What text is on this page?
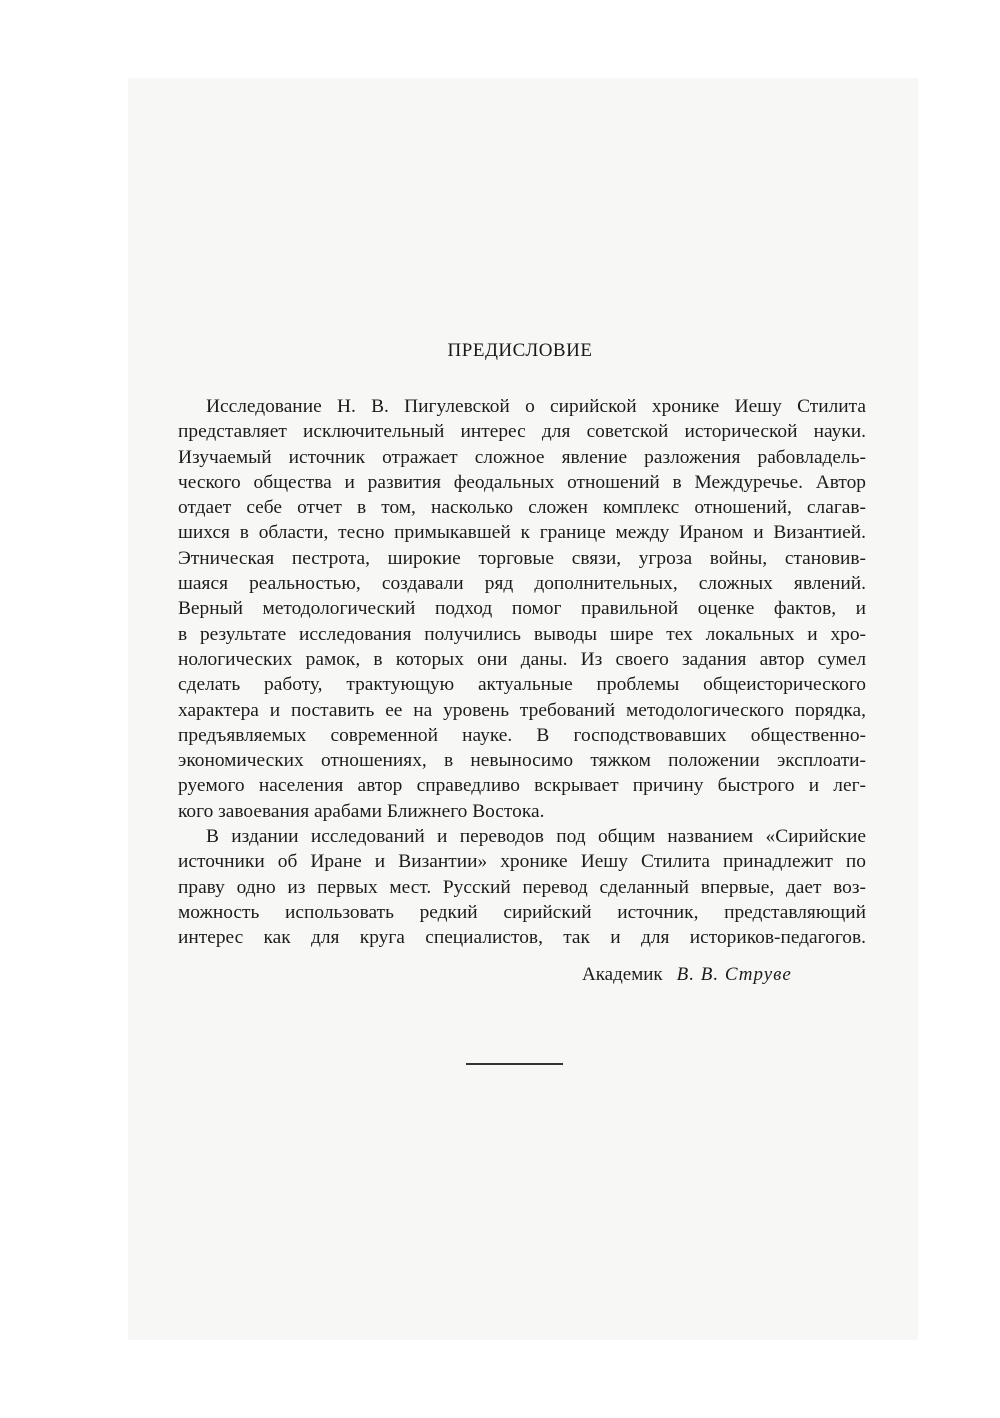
ПРЕДИСЛОВИЕ
Исследование Н. В. Пигулевской о сирийской хронике Иешу Стилита
представляет исключительный интерес для советской исторической науки.
Изучаемый источник отражает сложное явление разложения рабовладель-
ческого общества и развития феодальных отношений в Междуречье. Автор
отдает себе отчет в том, насколько сложен комплекс отношений, слагав-
шихся в области, тесно примыкавшей к границе между Ираном и Византией.
Этническая пестрота, широкие торговые связи, угроза войны, становив-
шаяся реальностью, создавали ряд дополнительных, сложных явлений.
Верный методологический подход помог правильной оценке фактов, и
в результате исследования получились выводы шире тех локальных и хро-
нологических рамок, в которых они даны. Из своего задания автор сумел
сделать работу, трактующую актуальные проблемы общеисторического
характера и поставить ее на уровень требований методологического порядка,
предъявляемых современной науке. В господствовавших общественно-
экономических отношениях, в невыносимо тяжком положении эксплоати-
руемого населения автор справедливо вскрывает причину быстрого и лег-
кого завоевания арабами Ближнего Востока.
В издании исследований и переводов под общим названием «Сирийские
источники об Иране и Византии» хронике Иешу Стилита принадлежит по
праву одно из первых мест. Русский перевод сделанный впервые, дает воз-
можность использовать редкий сирийский источник, представляющий
интерес как для круга специалистов, так и для историков-педагогов.
Академик В. В. Струве
